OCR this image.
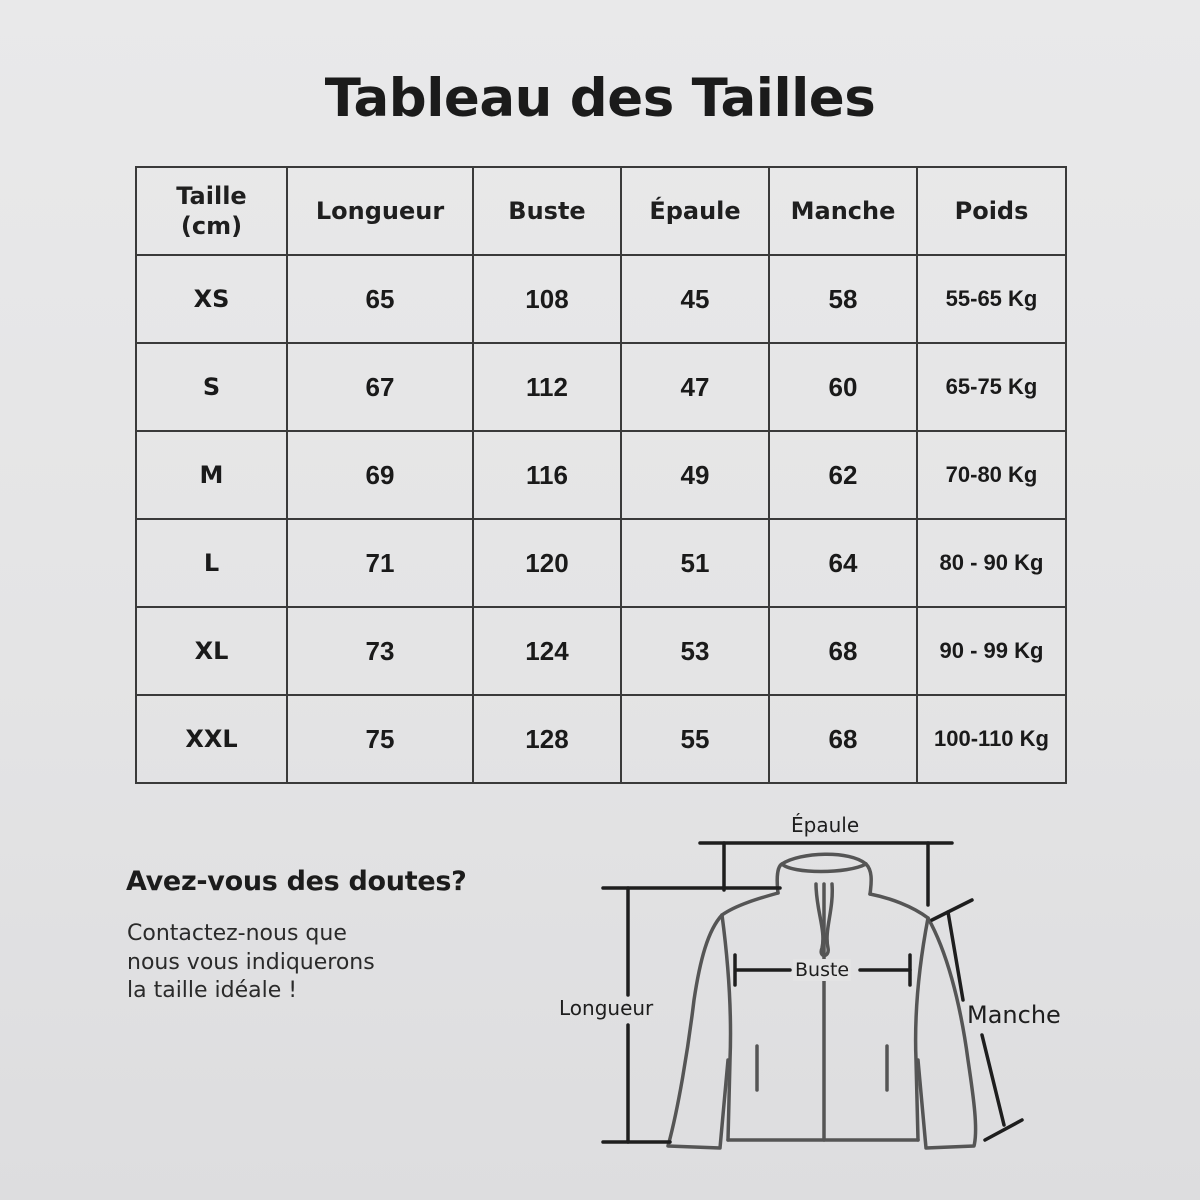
Tableau des Tailles
Taille
(cm)	Longueur	Buste	Épaule	Manche	Poids
XS	65	108	45	58	55-65 Kg
S	67	112	47	60	65-75 Kg
M	69	116	49	62	70-80 Kg
L	71	120	51	64	80 - 90 Kg
XL	73	124	53	68	90 - 99 Kg
XXL	75	128	55	68	100-110 Kg
Avez-vous des doutes?

Contactez-nous que
nous vous indiquerons
la taille idéale !

Épaule
Buste
Longueur	Manche
